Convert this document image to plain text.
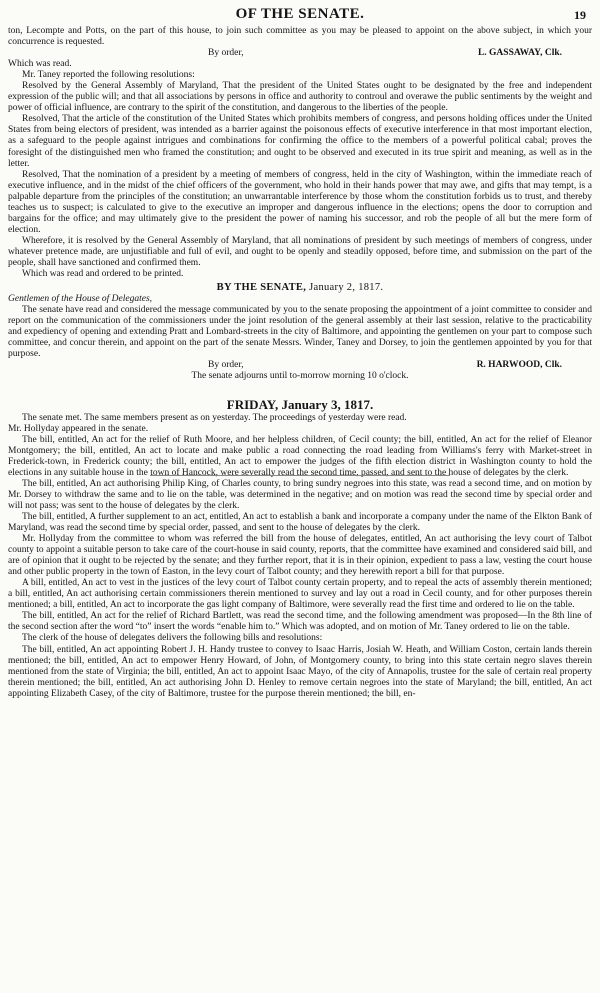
OF THE SENATE.	19

ton, Lecompte and Potts, on the part of this house, to join such committee as you may be pleased to appoint on the above subject, in which your concurrence is requested.

By order,	L. GASSAWAY, Clk.

Which was read.

Mr. Taney reported the following resolutions:

Resolved by the General Assembly of Maryland, That the president of the United States ought to be designated by the free and independent expression of the public will; and that all associations by persons in office and authority to controul and overawe the public sentiments by the weight and power of official influence, are contrary to the spirit of the constitution, and dangerous to the liberties of the people.

Resolved, That the article of the constitution of the United States which prohibits members of congress, and persons holding offices under the United States from being electors of president, was intended as a barrier against the poisonous effects of executive interference in that most important election, as a safeguard to the people against intrigues and combinations for confirming the office to the members of a powerful political cabal; proves the foresight of the distinguished men who framed the constitution; and ought to be observed and executed in its true spirit and meaning, as well as in the letter.

Resolved, That the nomination of a president by a meeting of members of congress, held in the city of Washington, within the immediate reach of executive influence, and in the midst of the chief officers of the government, who hold in their hands power that may awe, and gifts that may tempt, is a palpable departure from the principles of the constitution; an unwarrantable interference by those whom the constitution forbids us to trust, and thereby teaches us to suspect; is calculated to give to the executive an improper and dangerous influence in the elections; opens the door to corruption and bargains for the office; and may ultimately give to the president the power of naming his successor, and rob the people of all but the mere form of election.

Wherefore, it is resolved by the General Assembly of Maryland, that all nominations of president by such meetings of members of congress, under whatever pretence made, are unjustifiable and full of evil, and ought to be openly and steadily opposed, before time, and submission on the part of the people, shall have sanctioned and confirmed them.

Which was read and ordered to be printed.

BY THE SENATE, January 2, 1817.

Gentlemen of the House of Delegates,

The senate have read and considered the message communicated by you to the senate proposing the appointment of a joint committee to consider and report on the communication of the commissioners under the joint resolution of the general assembly at their last session, relative to the practicability and expediency of opening and extending Pratt and Lombard-streets in the city of Baltimore, and appointing the gentlemen on your part to compose such committee, and concur therein, and appoint on the part of the senate Messrs. Winder, Taney and Dorsey, to join the gentlemen appointed by you for that purpose.

By order,	R. HARWOOD, Clk.

The senate adjourns until to-morrow morning 10 o'clock.

FRIDAY, January 3, 1817.

The senate met. The same members present as on yesterday. The proceedings of yesterday were read.

Mr. Hollyday appeared in the senate.

The bill, entitled, An act for the relief of Ruth Moore, and her helpless children, of Cecil county; the bill, entitled, An act for the relief of Eleanor Montgomery; the bill, entitled, An act to locate and make public a road connecting the road leading from Williams's ferry with Market-street in Frederick-town, in Frederick county; the bill, entitled, An act to empower the judges of the fifth election district in Washington county to hold the elections in any suitable house in the town of Hancock, were severally read the second time, passed, and sent to the house of delegates by the clerk.

The bill, entitled, An act authorising Philip King, of Charles county, to bring sundry negroes into this state, was read a second time, and on motion by Mr. Dorsey to withdraw the same and to lie on the table, was determined in the negative; and on motion was read the second time by special order and will not pass; was sent to the house of delegates by the clerk.

The bill, entitled, A further supplement to an act, entitled, An act to establish a bank and incorporate a company under the name of the Elkton Bank of Maryland, was read the second time by special order, passed, and sent to the house of delegates by the clerk.

Mr. Hollyday from the committee to whom was referred the bill from the house of delegates, entitled, An act authorising the levy court of Talbot county to appoint a suitable person to take care of the court-house in said county, reports, that the committee have examined and considered said bill, and are of opinion that it ought to be rejected by the senate; and they further report, that it is in their opinion, expedient to pass a law, vesting the court house and other public property in the town of Easton, in the levy court of Talbot county; and they herewith report a bill for that purpose.

A bill, entitled, An act to vest in the justices of the levy court of Talbot county certain property, and to repeal the acts of assembly therein mentioned; a bill, entitled, An act authorising certain commissioners therein mentioned to survey and lay out a road in Cecil county, and for other purposes therein mentioned; a bill, entitled, An act to incorporate the gas light company of Baltimore, were severally read the first time and ordered to lie on the table.

The bill, entitled, An act for the relief of Richard Bartlett, was read the second time, and the following amendment was proposed—In the 8th line of the second section after the word “to” insert the words “enable him to.” Which was adopted, and on motion of Mr. Taney ordered to lie on the table.

The clerk of the house of delegates delivers the following bills and resolutions:

The bill, entitled, An act appointing Robert J. H. Handy trustee to convey to Isaac Harris, Josiah W. Heath, and William Coston, certain lands therein mentioned; the bill, entitled, An act to empower Henry Howard, of John, of Montgomery county, to bring into this state certain negro slaves therein mentioned from the state of Virginia; the bill, entitled, An act to appoint Isaac Mayo, of the city of Annapolis, trustee for the sale of certain real property therein mentioned; the bill, entitled, An act authorising John D. Henley to remove certain negroes into the state of Maryland; the bill, entitled, An act appointing Elizabeth Casey, of the city of Baltimore, trustee for the purpose therein mentioned; the bill, en-
